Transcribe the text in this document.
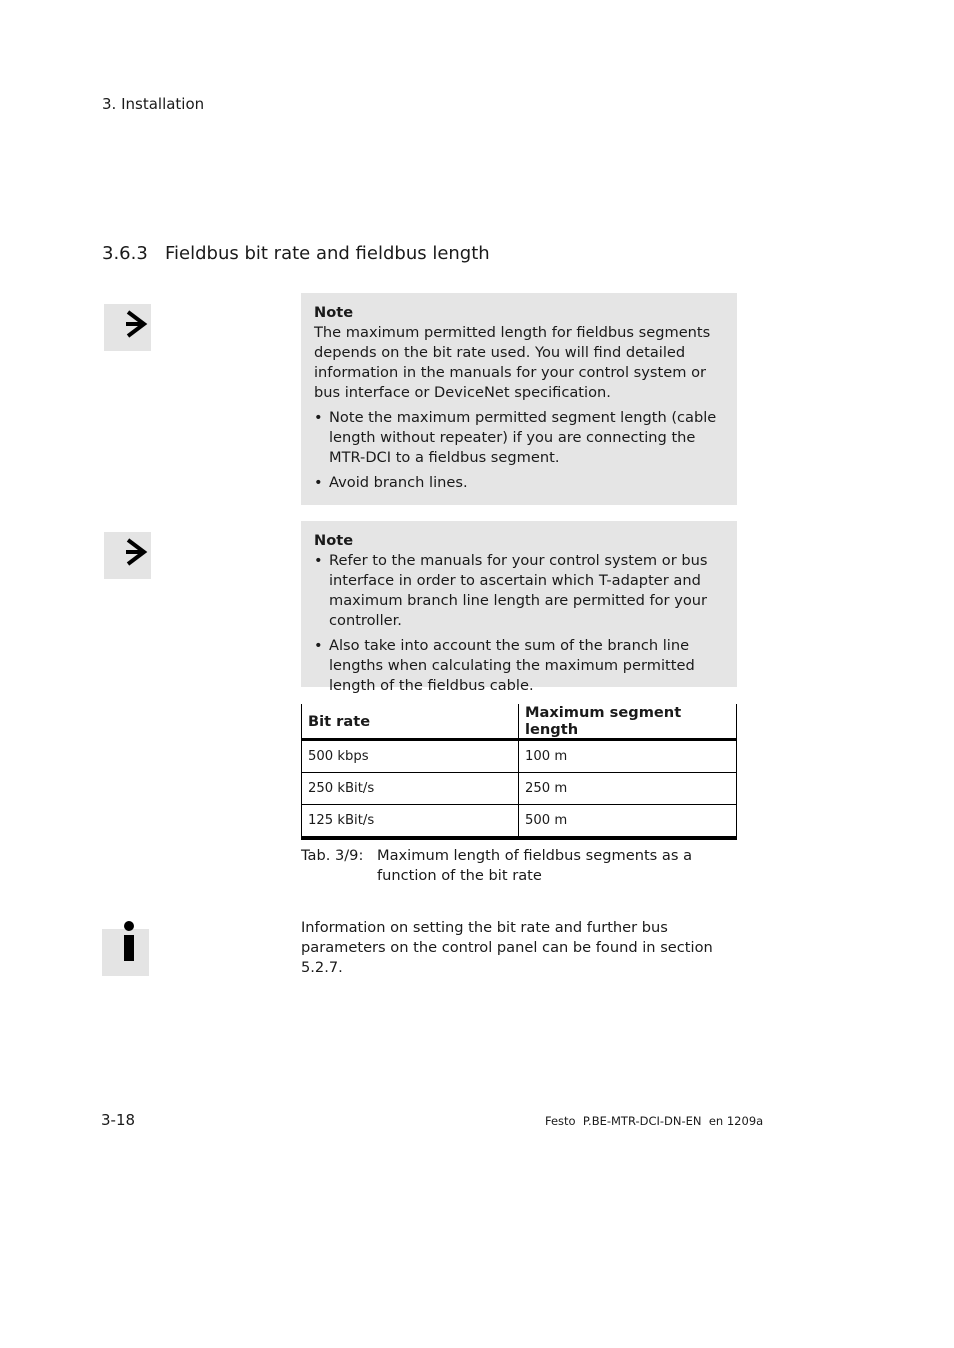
3. Installation
3.6.3 Fieldbus bit rate and fieldbus length
Note
The maximum permitted length for fieldbus segments depends on the bit rate used. You will find detailed information in the manuals for your control system or bus interface or DeviceNet specification.
• Note the maximum permitted segment length (cable length without repeater) if you are connecting the MTR-DCI to a fieldbus segment.
• Avoid branch lines.
Note
• Refer to the manuals for your control system or bus interface in order to ascertain which T-adapter and maximum branch line length are permitted for your controller.
• Also take into account the sum of the branch line lengths when calculating the maximum permitted length of the fieldbus cable.
Bit rate	Maximum segment length
500 kbps	100 m
250 kBit/s	250 m
125 kBit/s	500 m
Tab. 3/9: Maximum length of fieldbus segments as a function of the bit rate
Information on setting the bit rate and further bus parameters on the control panel can be found in section 5.2.7.
3-18	Festo  P.BE-MTR-DCI-DN-EN  en 1209a
